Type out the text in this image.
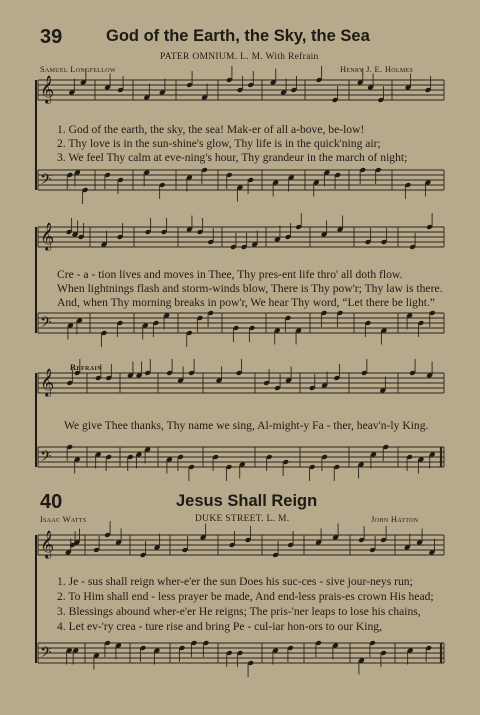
𝄞
𝄢
𝄞
𝄢
𝄞
𝄢
𝄞
𝄢
39	God of the Earth, the Sky, the Sea
PATER OMNIUM. L. M. With Refrain
Samuel Longfellow	Henry J. E. Holmes
1. God of the earth, the sky, the sea! Mak-er of all a-bove, be-low!
2. Thy love is in the sun-shine's glow, Thy life is in the quick'ning air;
3. We feel Thy calm at eve-ning's hour, Thy grandeur in the march of night;
Cre - a - tion lives and moves in Thee, Thy pres-ent life thro' all doth flow.
When lightnings flash and storm-winds blow, There is Thy pow'r; Thy law is there.
And, when Thy morning breaks in pow'r, We hear Thy word, “Let there be light.”
Refrain
We give Thee thanks, Thy name we sing, Al-might-y Fa - ther, heav'n-ly King.
40	Jesus Shall Reign
Isaac Watts	DUKE STREET. L. M.	John Hatton
1. Je - sus shall reign wher-e'er the sun Does his suc-ces - sive jour-neys run;
2. To Him shall end - less prayer be made, And end-less prais-es crown His head;
3. Blessings abound wher-e'er He reigns; The pris-'ner leaps to lose his chains,
4. Let ev-'ry crea - ture rise and bring Pe - cul-iar hon-ors to our King,
